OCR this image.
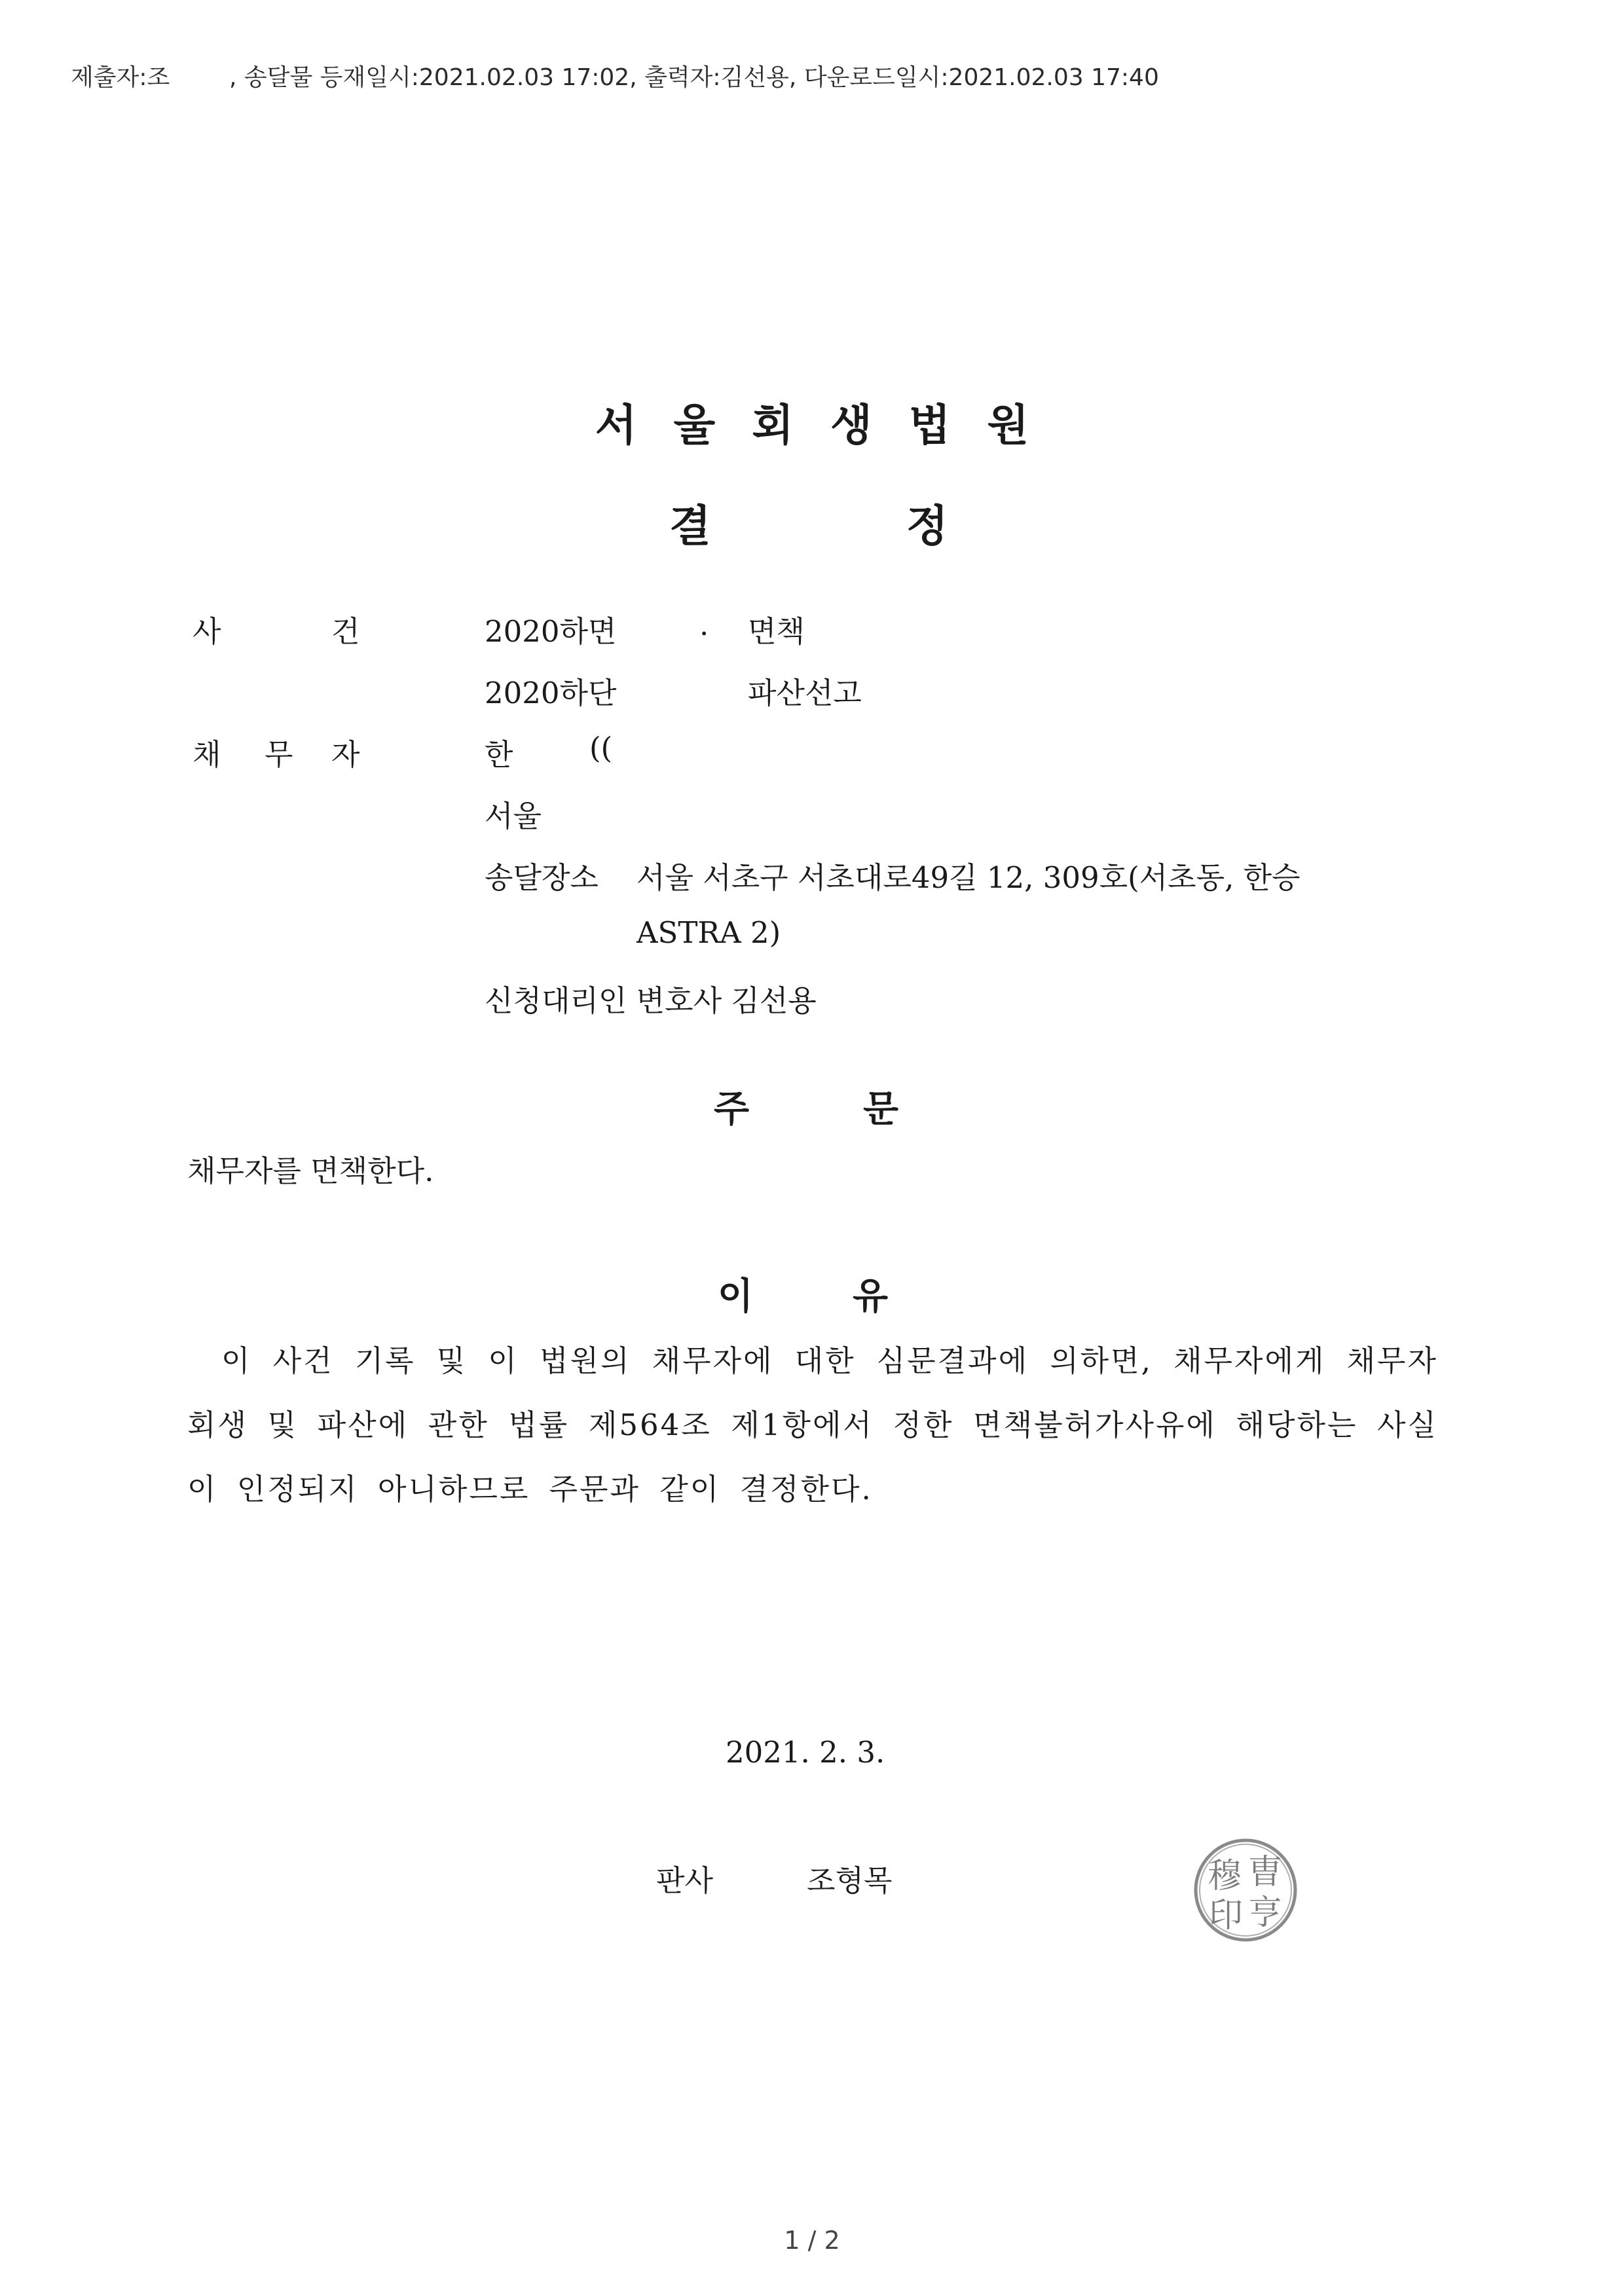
제출자:조	, 송달물 등재일시:2021.02.03 17:02, 출력자:김선용, 다운로드일시:2021.02.03 17:40
서울회생법원
결	정
사	건	2020하면	. 면책
2020하단	파산선고
채 무 자	한	((
서울
송달장소 서울 서초구 서초대로49길 12, 309호(서초동, 한승
ASTRA 2)
신청대리인 변호사 김선용
주	문
채무자를 면책한다.
이	유
이 사건 기록 및 이 법원의 채무자에 대한 심문결과에 의하면, 채무자에게 채무자 회생 및 파산에 관한 법률 제564조 제1항에서 정한 면책불허가사유에 해당하는 사실이 인정되지 아니하므로 주문과 같이 결정한다.
2021. 2. 3.
판사	조형목	穆 曺
印 亨
1 / 2
